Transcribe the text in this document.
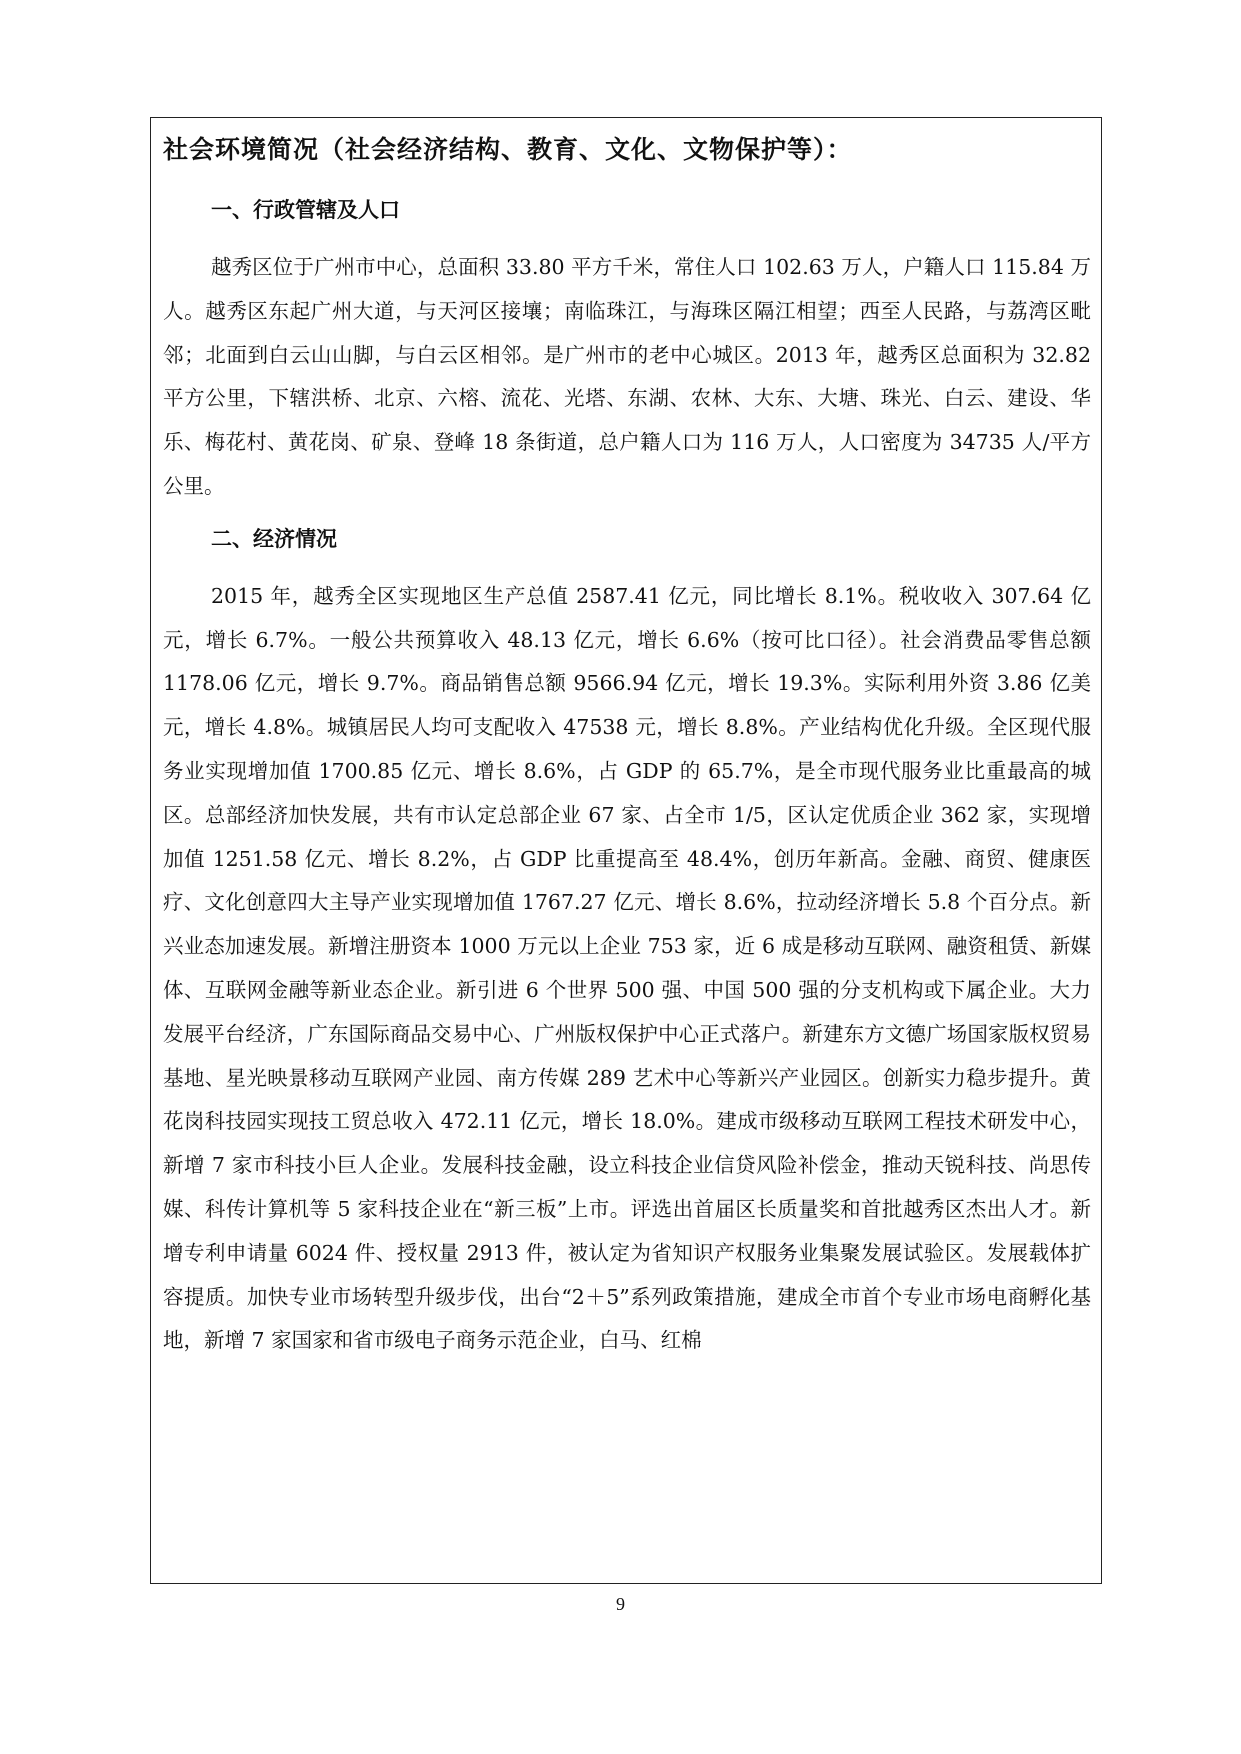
社会环境简况（社会经济结构、教育、文化、文物保护等）：
一、行政管辖及人口

越秀区位于广州市中心，总面积 33.80 平方千米，常住人口 102.63 万人，户籍人口 115.84 万人。越秀区东起广州大道，与天河区接壤；南临珠江，与海珠区隔江相望；西至人民路，与荔湾区毗邻；北面到白云山山脚，与白云区相邻。是广州市的老中心城区。2013 年，越秀区总面积为 32.82 平方公里，下辖洪桥、北京、六榕、流花、光塔、东湖、农林、大东、大塘、珠光、白云、建设、华乐、梅花村、黄花岗、矿泉、登峰 18 条街道，总户籍人口为 116 万人，人口密度为 34735 人/平方公里。

二、经济情况

2015 年，越秀全区实现地区生产总值 2587.41 亿元，同比增长 8.1%。税收收入 307.64 亿元，增长 6.7%。一般公共预算收入 48.13 亿元，增长 6.6%（按可比口径）。社会消费品零售总额 1178.06 亿元，增长 9.7%。商品销售总额 9566.94 亿元，增长 19.3%。实际利用外资 3.86 亿美元，增长 4.8%。城镇居民人均可支配收入 47538 元，增长 8.8%。产业结构优化升级。全区现代服务业实现增加值 1700.85 亿元、增长 8.6%，占 GDP 的 65.7%，是全市现代服务业比重最高的城区。总部经济加快发展，共有市认定总部企业 67 家、占全市 1/5，区认定优质企业 362 家，实现增加值 1251.58 亿元、增长 8.2%，占 GDP 比重提高至 48.4%，创历年新高。金融、商贸、健康医疗、文化创意四大主导产业实现增加值 1767.27 亿元、增长 8.6%，拉动经济增长 5.8 个百分点。新兴业态加速发展。新增注册资本 1000 万元以上企业 753 家，近 6 成是移动互联网、融资租赁、新媒体、互联网金融等新业态企业。新引进 6 个世界 500 强、中国 500 强的分支机构或下属企业。大力发展平台经济，广东国际商品交易中心、广州版权保护中心正式落户。新建东方文德广场国家版权贸易基地、星光映景移动互联网产业园、南方传媒 289 艺术中心等新兴产业园区。创新实力稳步提升。黄花岗科技园实现技工贸总收入 472.11 亿元，增长 18.0%。建成市级移动互联网工程技术研发中心，新增 7 家市科技小巨人企业。发展科技金融，设立科技企业信贷风险补偿金，推动天锐科技、尚思传媒、科传计算机等 5 家科技企业在“新三板”上市。评选出首届区长质量奖和首批越秀区杰出人才。新增专利申请量 6024 件、授权量 2913 件，被认定为省知识产权服务业集聚发展试验区。发展载体扩容提质。加快专业市场转型升级步伐，出台“2＋5”系列政策措施，建成全市首个专业市场电商孵化基地，新增 7 家国家和省市级电子商务示范企业，白马、红棉

9
